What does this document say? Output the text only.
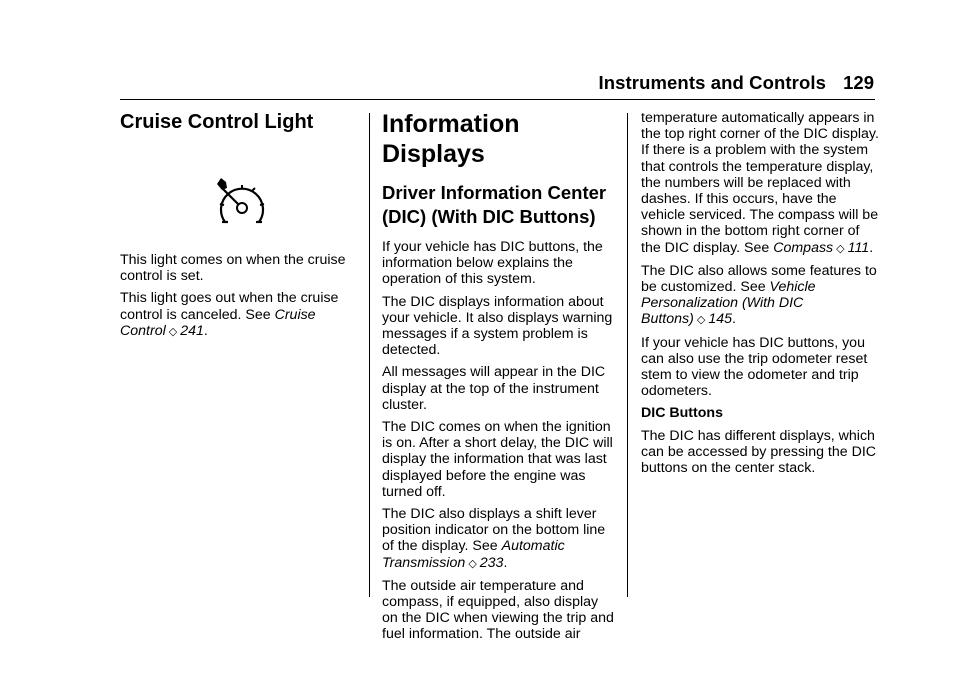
Instruments and Controls 129
Cruise Control Light

This light comes on when the cruise control is set.

This light goes out when the cruise control is canceled. See Cruise Control ◇ 241.

Information Displays
Driver Information Center (DIC) (With DIC Buttons)

If your vehicle has DIC buttons, the information below explains the operation of this system.

The DIC displays information about your vehicle. It also displays warning messages if a system problem is detected.

All messages will appear in the DIC display at the top of the instrument cluster.

The DIC comes on when the ignition is on. After a short delay, the DIC will display the information that was last displayed before the engine was turned off.

The DIC also displays a shift lever position indicator on the bottom line of the display. See Automatic Transmission ◇ 233.

The outside air temperature and compass, if equipped, also display on the DIC when viewing the trip and fuel information. The outside air

temperature automatically appears in the top right corner of the DIC display. If there is a problem with the system that controls the temperature display, the numbers will be replaced with dashes. If this occurs, have the vehicle serviced. The compass will be shown in the bottom right corner of the DIC display. See Compass ◇ 111.

The DIC also allows some features to be customized. See Vehicle Personalization (With DIC Buttons) ◇ 145.

If your vehicle has DIC buttons, you can also use the trip odometer reset stem to view the odometer and trip odometers.

DIC Buttons

The DIC has different displays, which can be accessed by pressing the DIC buttons on the center stack.
